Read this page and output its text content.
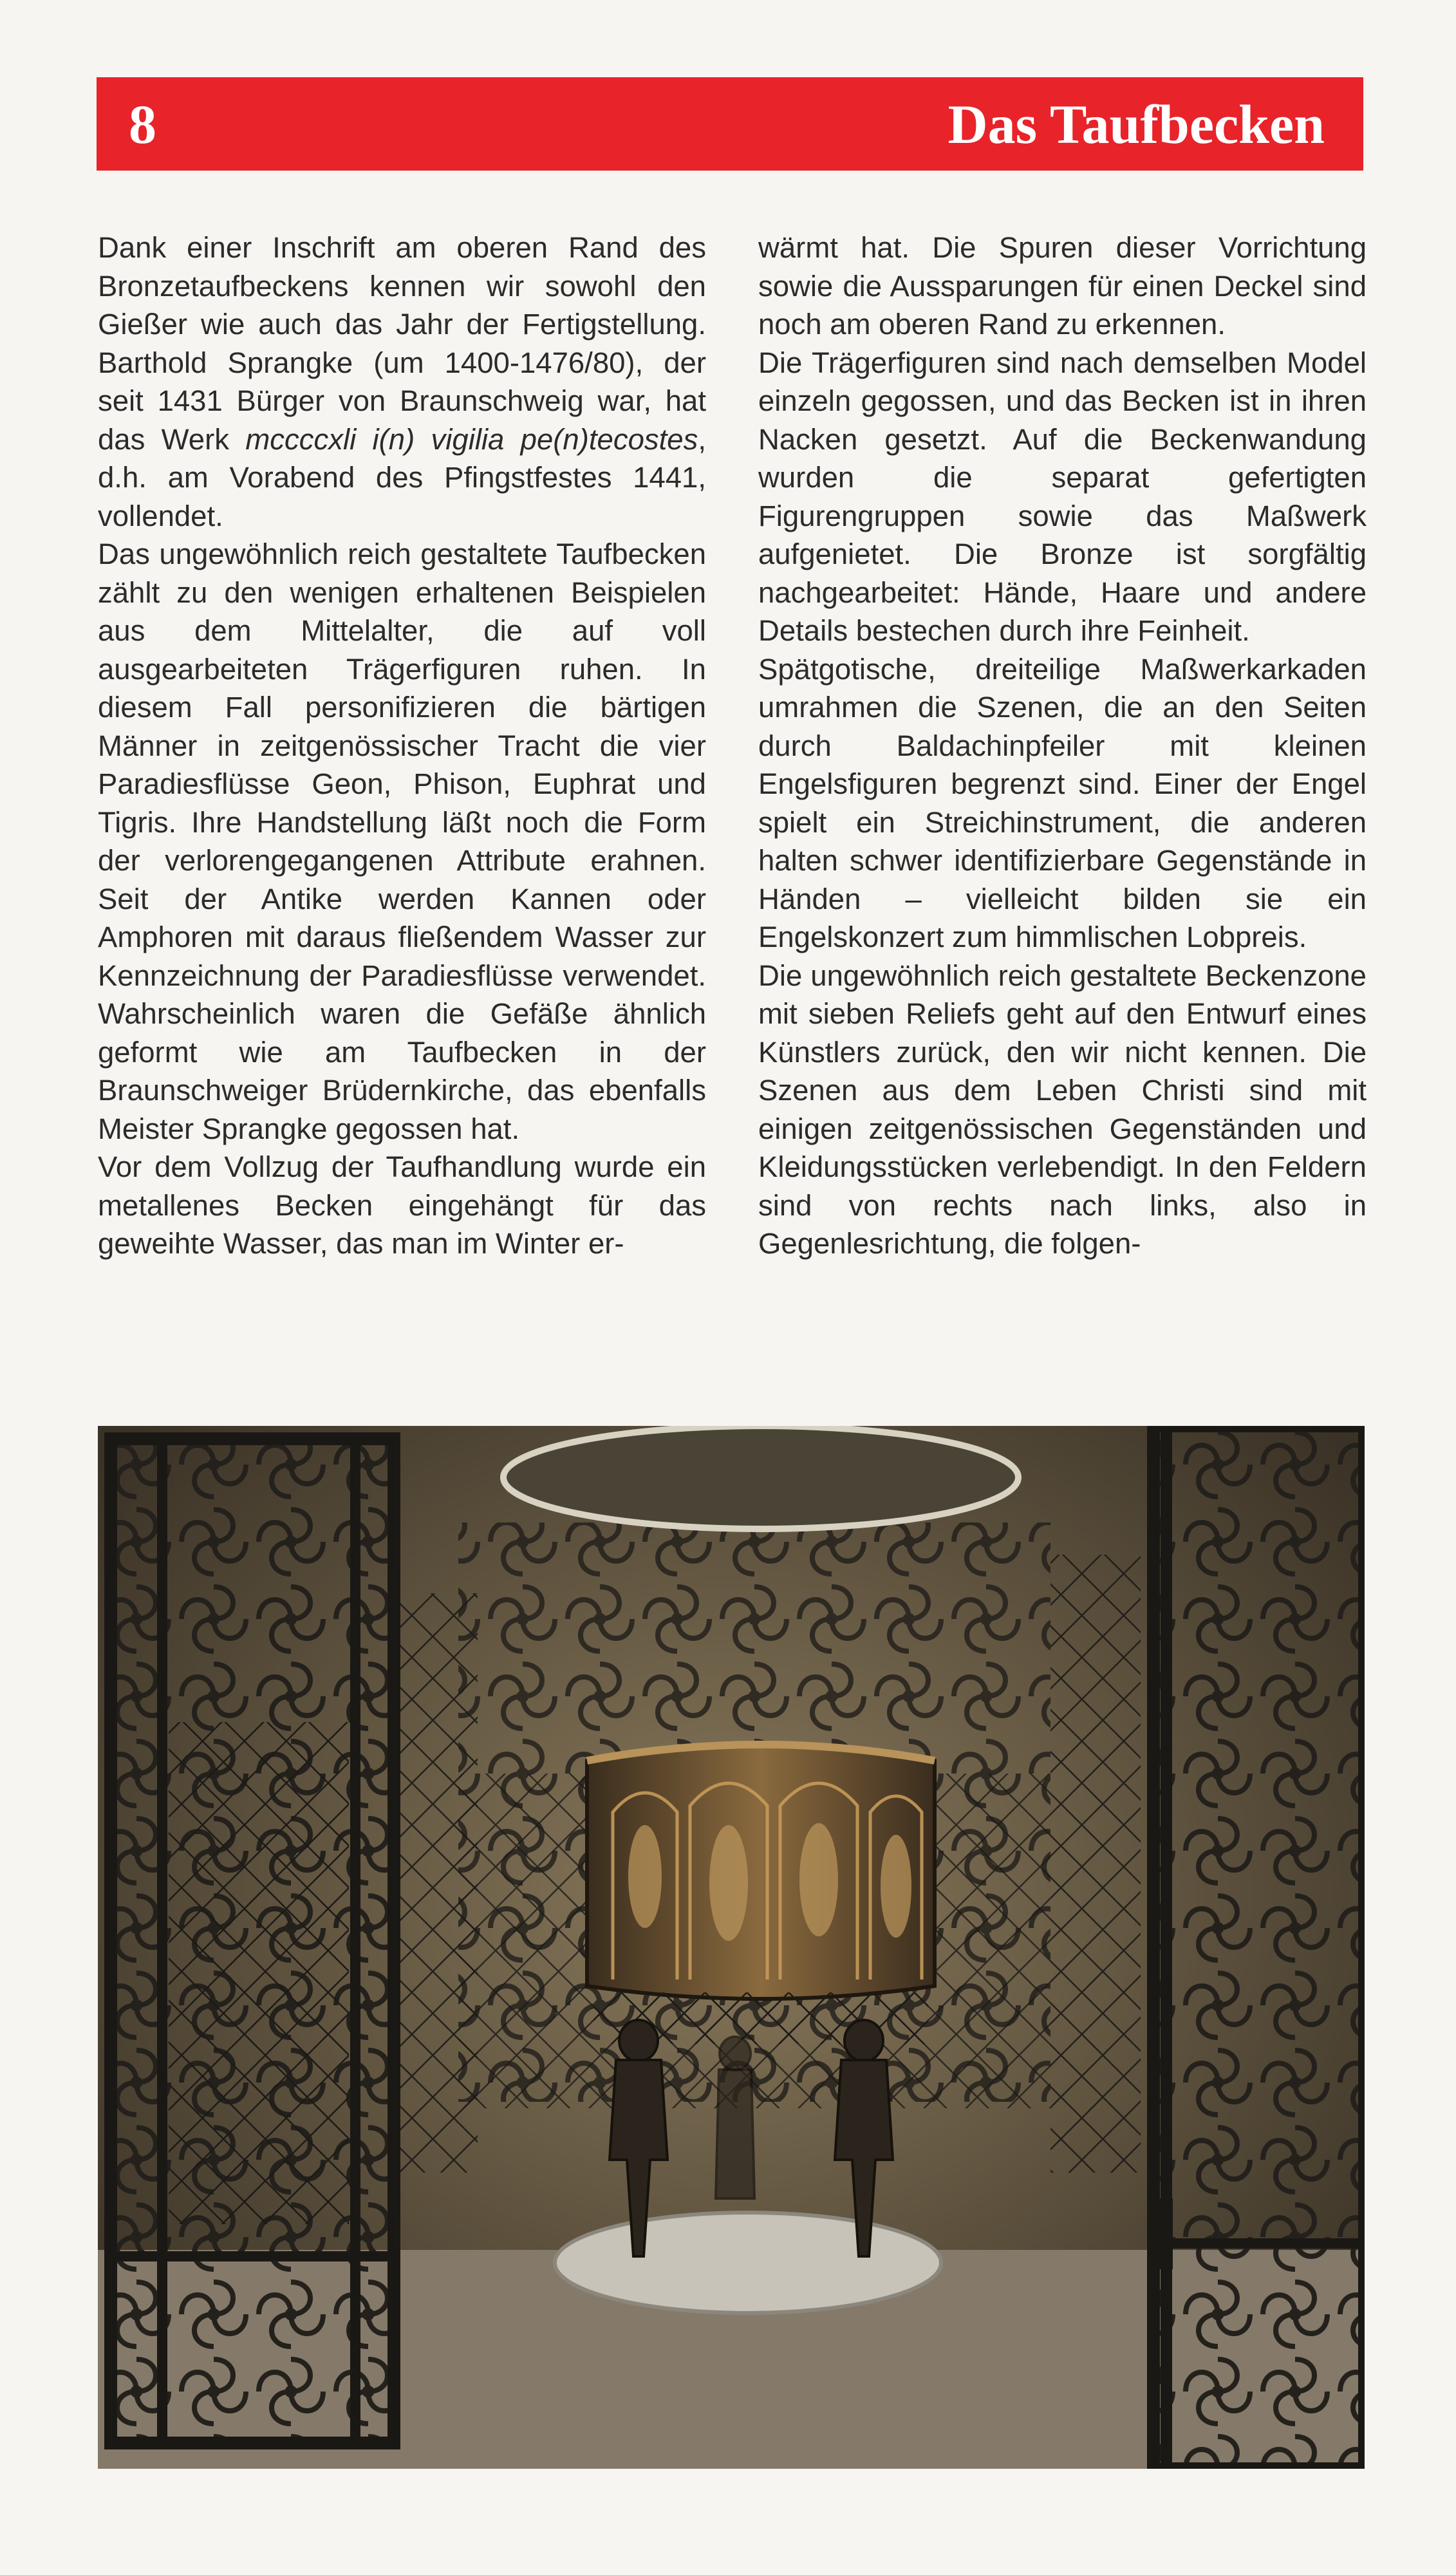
8	Das Taufbecken

Dank einer Inschrift am oberen Rand des Bronzetaufbeckens kennen wir sowohl den Gießer wie auch das Jahr der Fertigstellung. Barthold Sprangke (um 1400-1476/80), der seit 1431 Bürger von Braunschweig war, hat das Werk mccccxli i(n) vigilia pe(n)tecostes, d.h. am Vorabend des Pfingstfestes 1441, vollendet.

Das ungewöhnlich reich gestaltete Taufbecken zählt zu den wenigen erhaltenen Beispielen aus dem Mittelalter, die auf voll ausgearbeiteten Trägerfiguren ruhen. In diesem Fall personifizieren die bärtigen Männer in zeitgenössischer Tracht die vier Paradiesflüsse Geon, Phison, Euphrat und Tigris. Ihre Handstellung läßt noch die Form der verlorengegangenen Attribute erahnen. Seit der Antike werden Kannen oder Amphoren mit daraus fließendem Wasser zur Kennzeichnung der Paradiesflüsse verwendet. Wahrscheinlich waren die Gefäße ähnlich geformt wie am Taufbecken in der Braunschweiger Brüdernkirche, das ebenfalls Meister Sprangke gegossen hat.

Vor dem Vollzug der Taufhandlung wurde ein metallenes Becken eingehängt für das geweihte Wasser, das man im Winter er-

wärmt hat. Die Spuren dieser Vorrichtung sowie die Aussparungen für einen Deckel sind noch am oberen Rand zu erkennen.

Die Trägerfiguren sind nach demselben Model einzeln gegossen, und das Becken ist in ihren Nacken gesetzt. Auf die Beckenwandung wurden die separat gefertigten Figurengruppen sowie das Maßwerk aufgenietet. Die Bronze ist sorgfältig nachgearbeitet: Hände, Haare und andere Details bestechen durch ihre Feinheit.

Spätgotische, dreiteilige Maßwerkarkaden umrahmen die Szenen, die an den Seiten durch Baldachinpfeiler mit kleinen Engelsfiguren begrenzt sind. Einer der Engel spielt ein Streichinstrument, die anderen halten schwer identifizierbare Gegenstände in Händen – vielleicht bilden sie ein Engelskonzert zum himmlischen Lobpreis.

Die ungewöhnlich reich gestaltete Beckenzone mit sieben Reliefs geht auf den Entwurf eines Künstlers zurück, den wir nicht kennen. Die Szenen aus dem Leben Christi sind mit einigen zeitgenössischen Gegenständen und Kleidungsstücken verlebendigt. In den Feldern sind von rechts nach links, also in Gegenlesrichtung, die folgen-
